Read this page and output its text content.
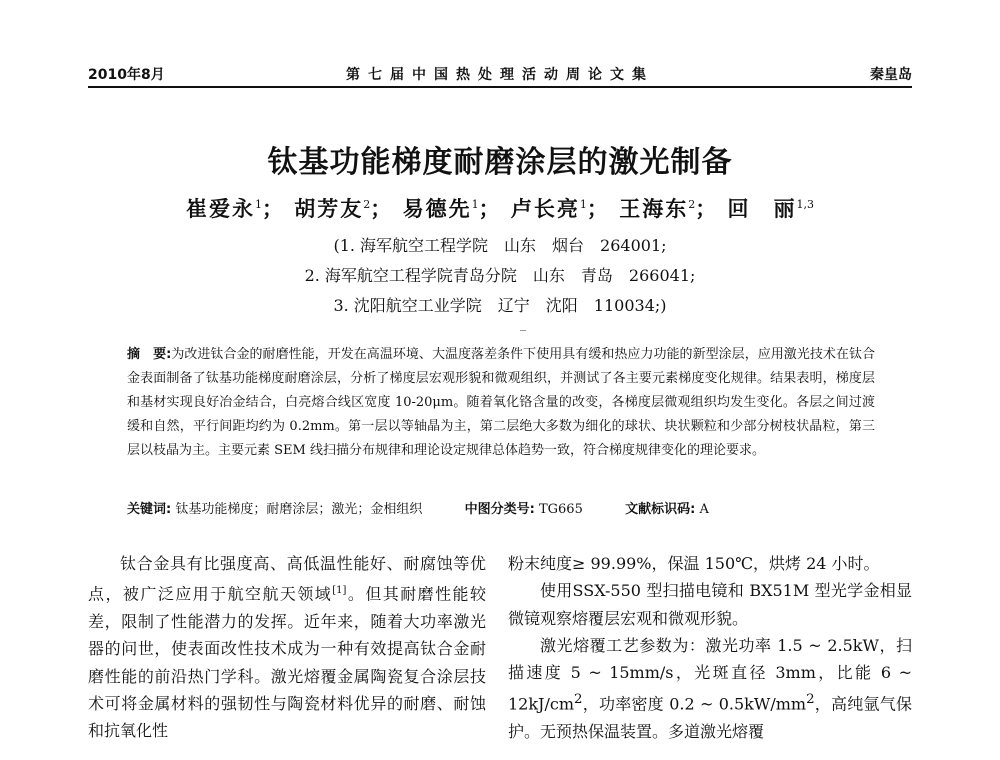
2010年8月	第七届中国热处理活动周论文集	秦皇岛
钛基功能梯度耐磨涂层的激光制备
崔爱永$^1$； 胡芳友$^2$； 易德先$^1$； 卢长亮$^1$； 王海东$^2$； 回　丽$^{1,3}$
(1. 海军航空工程学院　山东　烟台　264001;
2. 海军航空工程学院青岛分院　山东　青岛　266041;
3. 沈阳航空工业学院　辽宁　沈阳　110034;)
摘　要:为改进钛合金的耐磨性能，开发在高温环境、大温度落差条件下使用具有缓和热应力功能的新型涂层，应用激光技术在钛合金表面制备了钛基功能梯度耐磨涂层，分析了梯度层宏观形貌和微观组织，并测试了各主要元素梯度变化规律。结果表明，梯度层和基材实现良好冶金结合，白亮熔合线区宽度 10-20μm。随着氧化铬含量的改变，各梯度层微观组织均发生变化。各层之间过渡缓和自然，平行间距均约为 0.2mm。第一层以等轴晶为主，第二层绝大多数为细化的球状、块状颗粒和少部分树枝状晶粒，第三层以枝晶为主。主要元素 SEM 线扫描分布规律和理论设定规律总体趋势一致，符合梯度规律变化的理论要求。
关键词: 钛基功能梯度；耐磨涂层；激光；金相组织	中图分类号: TG665	文献标识码: A

钛合金具有比强度高、高低温性能好、耐腐蚀等优点，被广泛应用于航空航天领域[1]。但其耐磨性能较差，限制了性能潜力的发挥。近年来，随着大功率激光器的问世，使表面改性技术成为一种有效提高钛合金耐磨性能的前沿热门学科。激光熔覆金属陶瓷复合涂层技术可将金属材料的强韧性与陶瓷材料优异的耐磨、耐蚀和抗氧化性

粉末纯度≥ 99.99%，保温 150℃，烘烤 24 小时。

使用SSX-550 型扫描电镜和 BX51M 型光学金相显微镜观察熔覆层宏观和微观形貌。

激光熔覆工艺参数为：激光功率 1.5 ~ 2.5kW，扫描速度 5 ~ 15mm/s，光斑直径 3mm，比能 6 ~ $12kJ/cm^2$，功率密度 0.2 ~ $0.5kW/mm^2$，高纯氩气保护。无预热保温装置。多道激光熔覆
